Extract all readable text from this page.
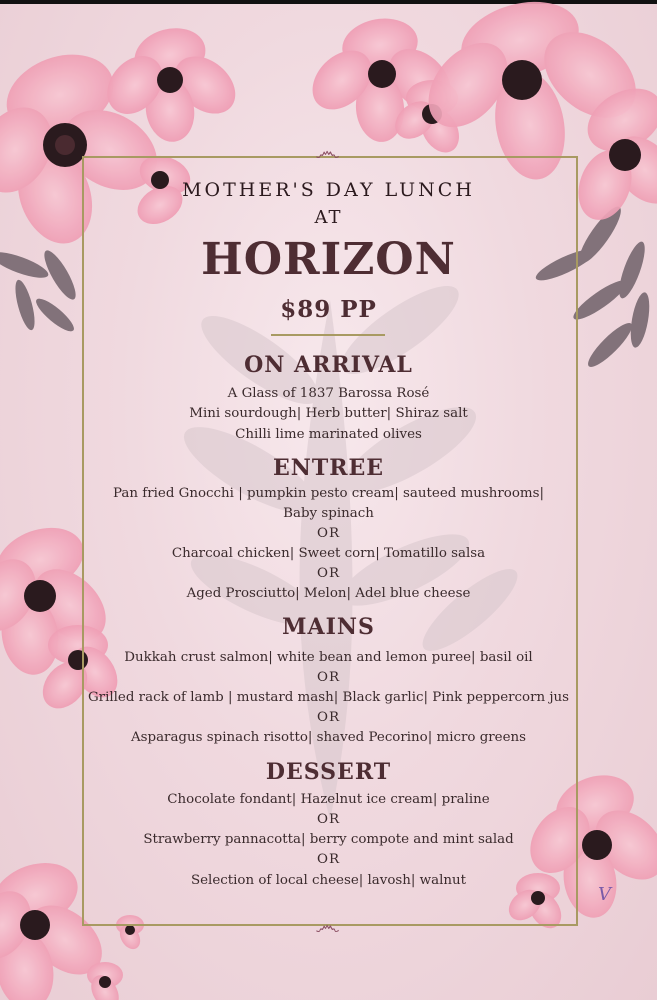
෴
෴
MOTHER'S DAY LUNCH
AT
HORIZON
$89 PP
ON ARRIVAL
A Glass of 1837 Barossa Rosé
Mini sourdough| Herb butter| Shiraz salt
Chilli lime marinated olives
ENTREE
Pan fried Gnocchi | pumpkin pesto cream| sauteed mushrooms|
Baby spinach
OR
Charcoal chicken| Sweet corn| Tomatillo salsa
OR
Aged Prosciutto| Melon| Adel blue cheese
MAINS
Dukkah crust salmon| white bean and lemon puree| basil oil
OR
Grilled rack of lamb | mustard mash| Black garlic| Pink peppercorn jus
OR
Asparagus spinach risotto| shaved Pecorino| micro greens
DESSERT
Chocolate fondant| Hazelnut ice cream| praline
OR
Strawberry pannacotta| berry compote and mint salad
OR
Selection of local cheese| lavosh| walnut
V
